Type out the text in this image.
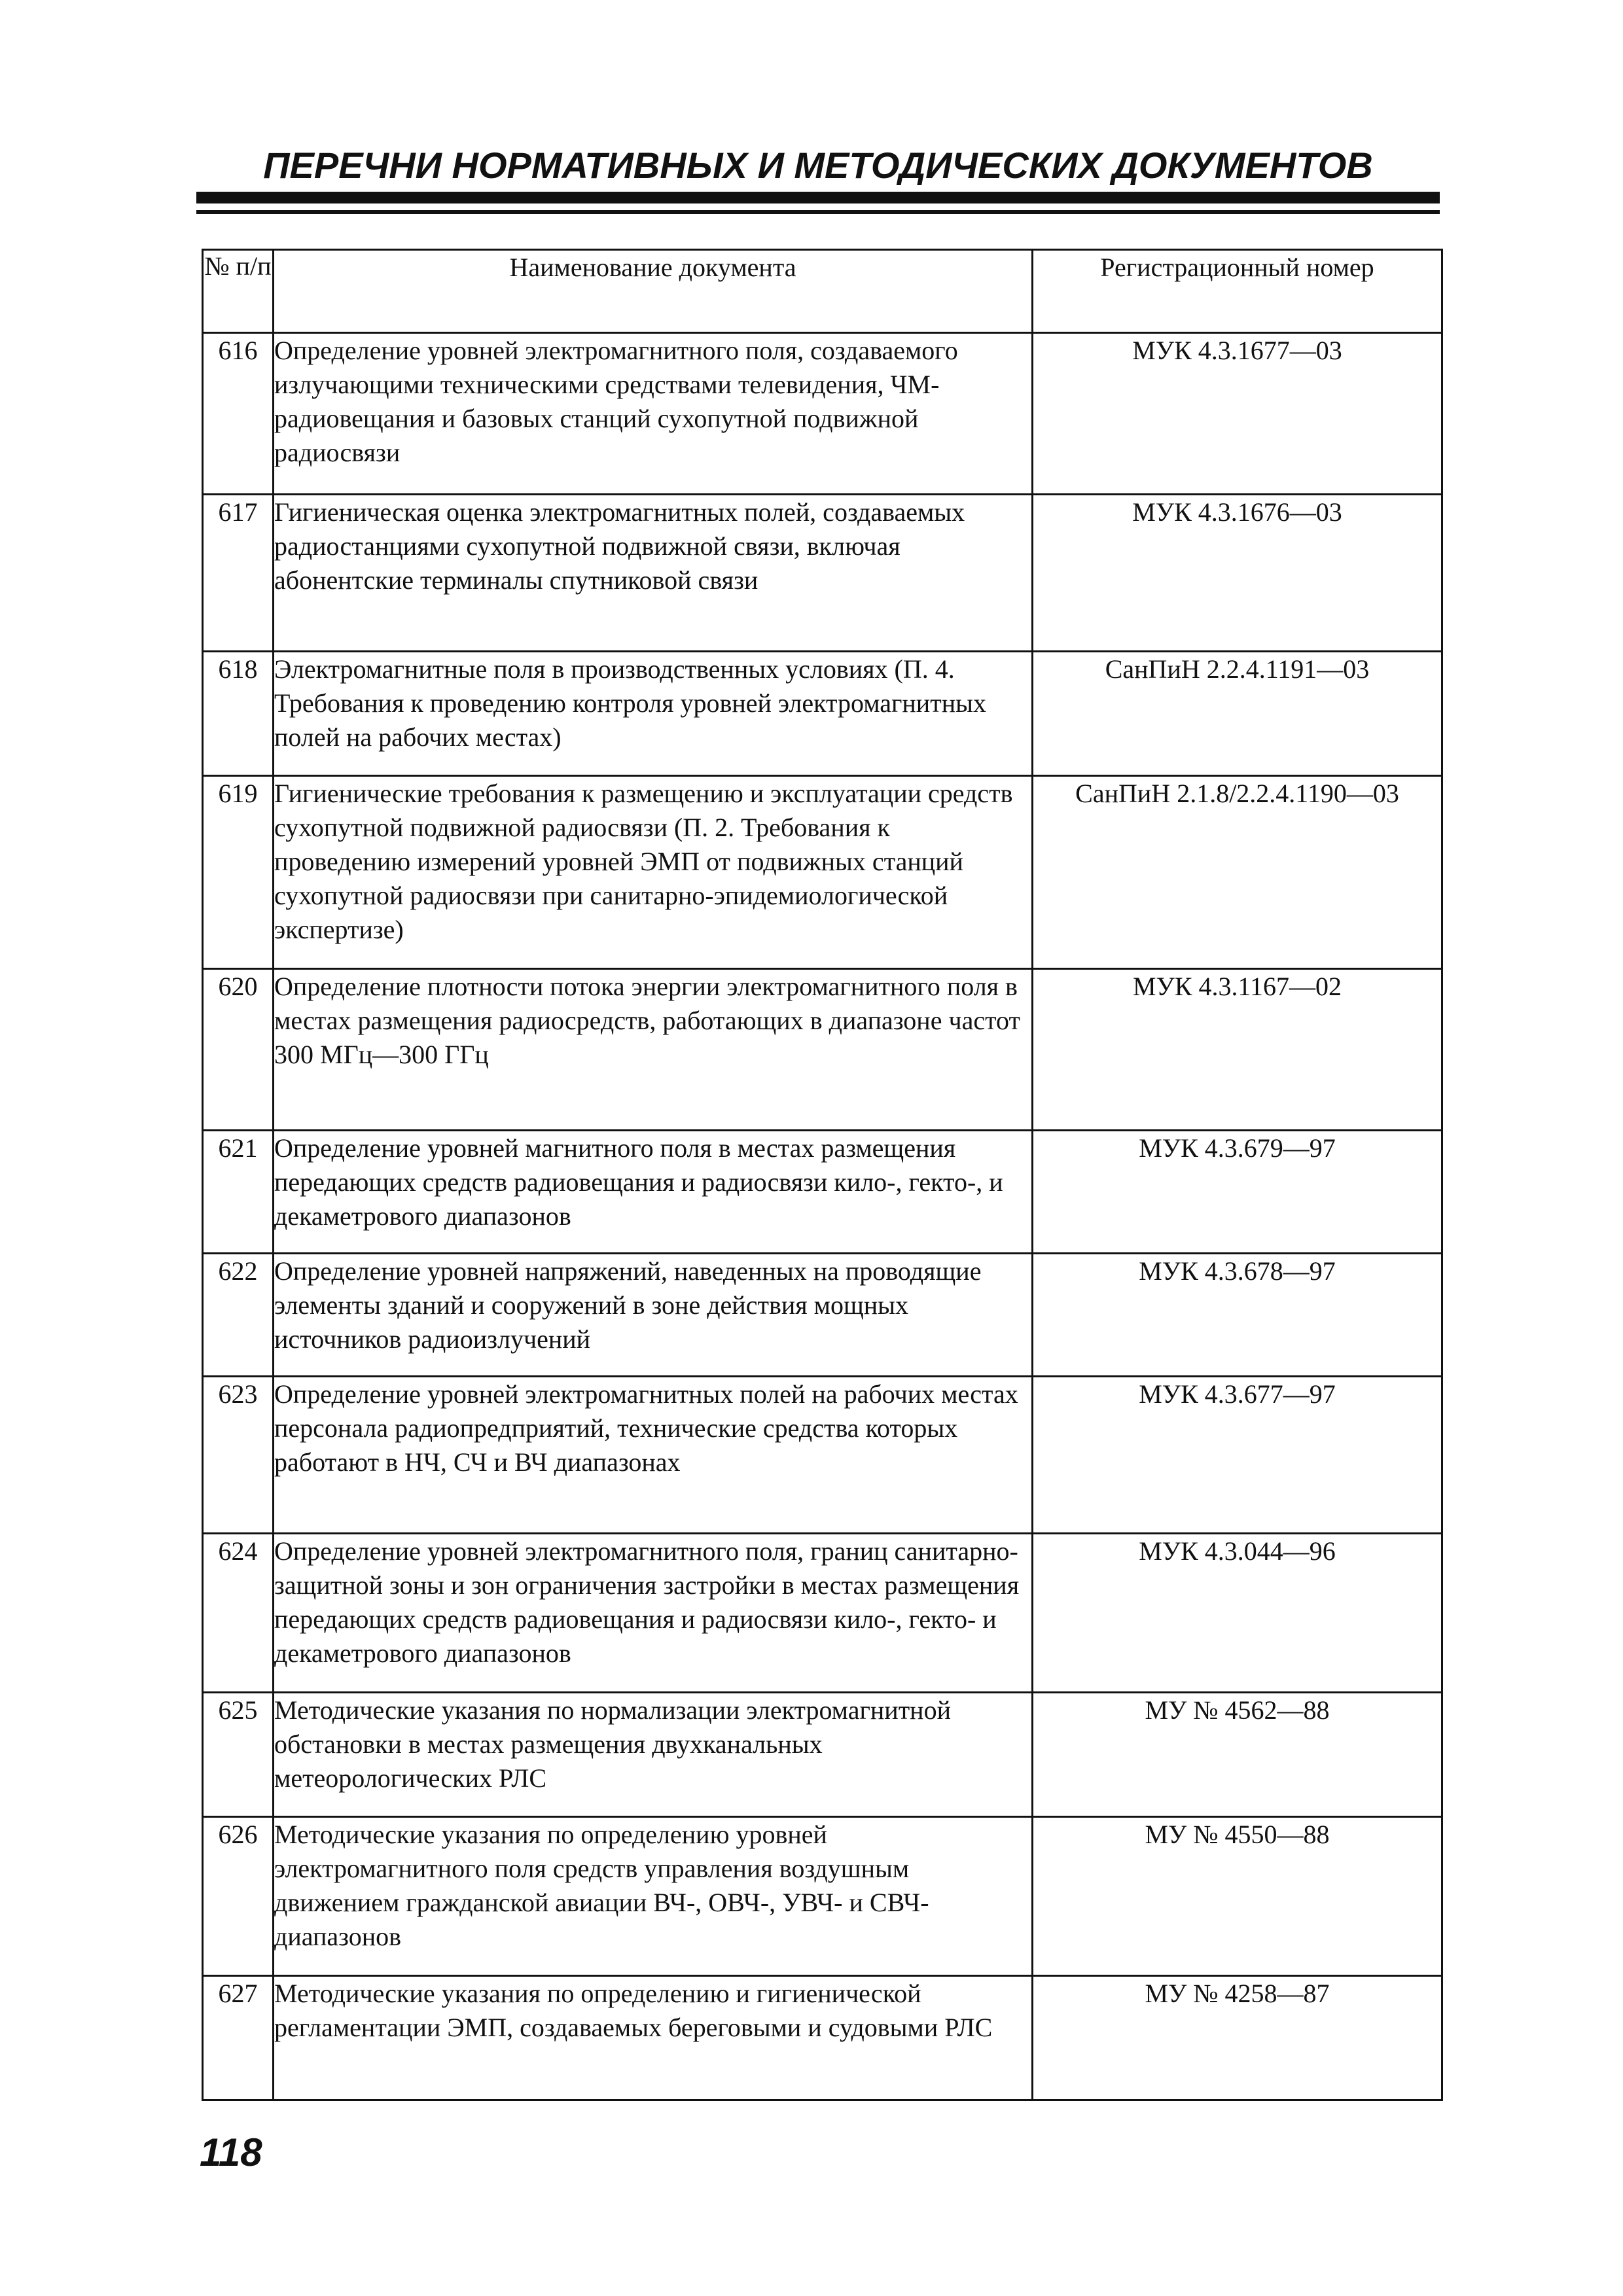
ПЕРЕЧНИ НОРМАТИВНЫХ И МЕТОДИЧЕСКИХ ДОКУМЕНТОВ
№ п/п	Наименование документа	Регистрационный номер
616	Определение уровней электромагнитного поля, создаваемого излучающими техническими средствами телевидения, ЧМ-радиовещания и базовых станций сухопутной подвижной радиосвязи	МУК 4.3.1677—03
617	Гигиеническая оценка электромагнитных полей, создаваемых радиостанциями сухопутной подвижной связи, включая абонентские терминалы спутниковой связи	МУК 4.3.1676—03
618	Электромагнитные поля в производственных условиях (П. 4. Требования к проведению контроля уровней электромагнитных полей на рабочих местах)	СанПиН 2.2.4.1191—03
619	Гигиенические требования к размещению и эксплуатации средств сухопутной подвижной радиосвязи (П. 2. Требования к проведению измерений уровней ЭМП от подвижных станций сухопутной радиосвязи при санитарно-эпидемиологической экспертизе)	СанПиН 2.1.8/2.2.4.1190—03
620	Определение плотности потока энергии электромагнитного поля в местах размещения радиосредств, работающих в диапазоне частот 300 МГц—300 ГГц	МУК 4.3.1167—02
621	Определение уровней магнитного поля в местах размещения передающих средств радиовещания и радиосвязи кило-, гекто-, и декаметрового диапазонов	МУК 4.3.679—97
622	Определение уровней напряжений, наведенных на проводящие элементы зданий и сооружений в зоне действия мощных источников радиоизлучений	МУК 4.3.678—97
623	Определение уровней электромагнитных полей на рабочих местах персонала радиопредприятий, технические средства которых работают в НЧ, СЧ и ВЧ диапазонах	МУК 4.3.677—97
624	Определение уровней электромагнитного поля, границ санитарно-защитной зоны и зон ограничения застройки в местах размещения передающих средств радиовещания и радиосвязи кило-, гекто- и декаметрового диапазонов	МУК 4.3.044—96
625	Методические указания по нормализации электромагнитной обстановки в местах размещения двухканальных метеорологических РЛС	МУ № 4562—88
626	Методические указания по определению уровней электромагнитного поля средств управления воздушным движением гражданской авиации ВЧ-, ОВЧ-, УВЧ- и СВЧ-диапазонов	МУ № 4550—88
627	Методические указания по определению и гигиенической регламентации ЭМП, создаваемых береговыми и судовыми РЛС	МУ № 4258—87
118
